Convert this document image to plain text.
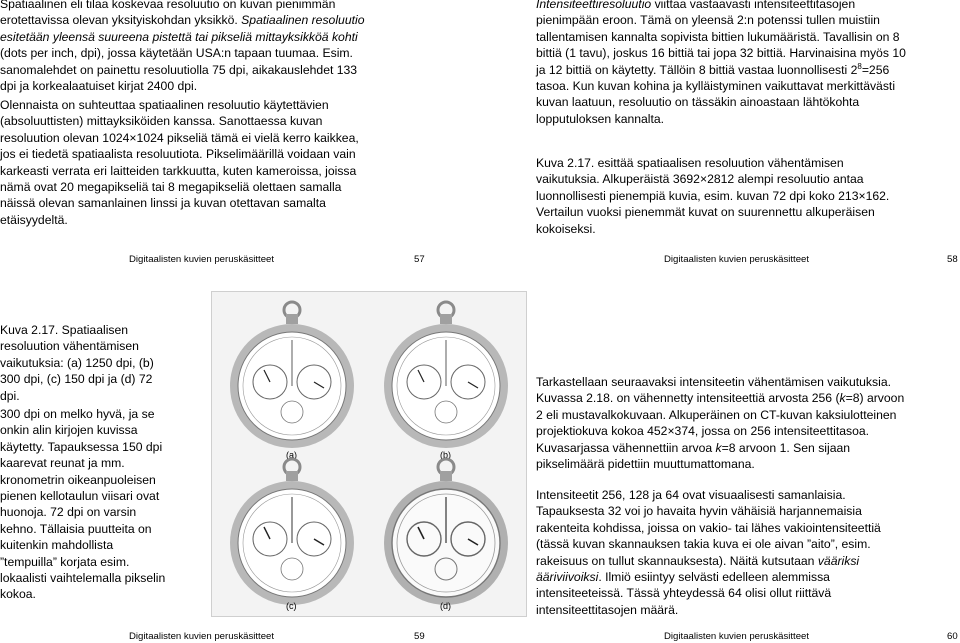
Spatiaalinen eli tilaa koskevaa resoluutio on kuvan pienimmän

erotettavissa olevan yksityiskohdan yksikkö. Spatiaalinen resoluutio

esitetään yleensä suureena pistettä tai pikseliä mittayksikköä kohti

(dots per inch, dpi), jossa käytetään USA:n tapaan tuumaa. Esim.

sanomalehdet on painettu resoluutiolla 75 dpi, aikakauslehdet 133

dpi ja korkealaatuiset kirjat 2400 dpi.

Olennaista on suhteuttaa spatiaalinen resoluutio käytettävien

(absoluuttisten) mittayksiköiden kanssa. Sanottaessa kuvan

resoluution olevan 1024×1024 pikseliä tämä ei vielä kerro kaikkea,

jos ei tiedetä spatiaalista resoluutiota. Pikselimäärillä voidaan vain

karkeasti verrata eri laitteiden tarkkuutta, kuten kameroissa, joissa

nämä ovat 20 megapikseliä tai 8 megapikseliä olettaen samalla

näissä olevan samanlainen linssi ja kuvan otettavan samalta

etäisyydeltä.

Digitaalisten kuvien peruskäsitteet	57

Intensiteettiresoluutio viittaa vastaavasti intensiteettitasojen

pienimpään eroon. Tämä on yleensä 2:n potenssi tullen muistiin

tallentamisen kannalta sopivista bittien lukumääristä. Tavallisin on 8

bittiä (1 tavu), joskus 16 bittiä tai jopa 32 bittiä. Harvinaisina myös 10

ja 12 bittiä on käytetty. Tällöin 8 bittiä vastaa luonnollisesti $2^8=256$

tasoa. Kun kuvan kohina ja kylläistyminen vaikuttavat merkittävästi

kuvan laatuun, resoluutio on tässäkin ainoastaan lähtökohta

lopputuloksen kannalta.

Kuva 2.17. esittää spatiaalisen resoluution vähentämisen

vaikutuksia. Alkuperäistä 3692×2812 alempi resoluutio antaa

luonnollisesti pienempiä kuvia, esim. kuvan 72 dpi koko 213×162.

Vertailun vuoksi pienemmät kuvat on suurennettu alkuperäisen

kokoiseksi.

Digitaalisten kuvien peruskäsitteet	58

Kuva 2.17. Spatiaalisen

resoluution vähentämisen

vaikutuksia: (a) 1250 dpi, (b)

300 dpi, (c) 150 dpi ja (d) 72

dpi.

300 dpi on melko hyvä, ja se

onkin alin kirjojen kuvissa

käytetty. Tapauksessa 150 dpi

kaarevat reunat ja mm.

kronometrin oikeanpuoleisen

pienen kellotaulun viisari ovat

huonoja. 72 dpi on varsin

kehno. Tällaisia puutteita on

kuitenkin mahdollista

”tempuilla” korjata esim.

lokaalisti vaihtelemalla pikselin

kokoa.

(a)	(b)
(c)	(d)
Digitaalisten kuvien peruskäsitteet	59

Tarkastellaan seuraavaksi intensiteetin vähentämisen vaikutuksia.

Kuvassa 2.18. on vähennetty intensiteettiä arvosta 256 (k=8) arvoon

2 eli mustavalkokuvaan. Alkuperäinen on CT-kuvan kaksiulotteinen

projektiokuva kokoa 452×374, jossa on 256 intensiteettitasoa.

Kuvasarjassa vähennettiin arvoa k=8 arvoon 1. Sen sijaan

pikselimäärä pidettiin muuttumattomana.

Intensiteetit 256, 128 ja 64 ovat visuaalisesti samanlaisia.

Tapauksesta 32 voi jo havaita hyvin vähäisiä harjannemaisia

rakenteita kohdissa, joissa on vakio- tai lähes vakiointensiteettiä

(tässä kuvan skannauksen takia kuva ei ole aivan ”aito”, esim.

rakeisuus on tullut skannauksesta). Näitä kutsutaan vääriksi

ääriviivoiksi. Ilmiö esiintyy selvästi edelleen alemmissa

intensiteeteissä. Tässä yhteydessä 64 olisi ollut riittävä

intensiteettitasojen määrä.

Digitaalisten kuvien peruskäsitteet	60
